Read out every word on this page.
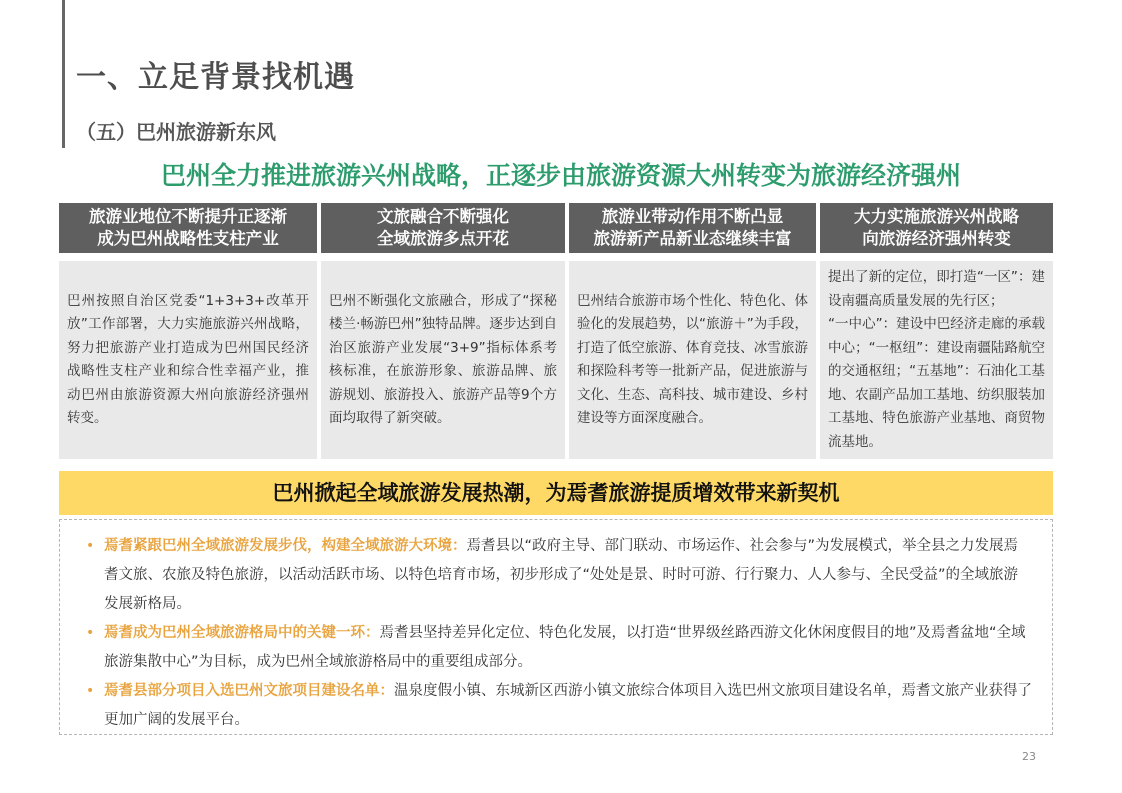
一、立足背景找机遇
（五）巴州旅游新东风
巴州全力推进旅游兴州战略，正逐步由旅游资源大州转变为旅游经济强州
旅游业地位不断提升正逐渐
成为巴州战略性支柱产业
文旅融合不断强化
全域旅游多点开花
旅游业带动作用不断凸显
旅游新产品新业态继续丰富
大力实施旅游兴州战略
向旅游经济强州转变

巴州按照自治区党委“1+3+3+改革开放”工作部署，大力实施旅游兴州战略，努力把旅游产业打造成为巴州国民经济战略性支柱产业和综合性幸福产业，推动巴州由旅游资源大州向旅游经济强州转变。

巴州不断强化文旅融合，形成了“探秘楼兰·畅游巴州”独特品牌。逐步达到自治区旅游产业发展“3+9”指标体系考核标准，在旅游形象、旅游品牌、旅游规划、旅游投入、旅游产品等9个方面均取得了新突破。

巴州结合旅游市场个性化、特色化、体验化的发展趋势，以“旅游＋”为手段，打造了低空旅游、体育竞技、冰雪旅游和探险科考等一批新产品，促进旅游与文化、生态、高科技、城市建设、乡村建设等方面深度融合。

提出了新的定位，即打造“一区”：建设南疆高质量发展的先行区；

“一中心”：建设中巴经济走廊的承载中心；“一枢纽”：建设南疆陆路航空的交通枢纽；“五基地”：石油化工基地、农副产品加工基地、纺织服装加工基地、特色旅游产业基地、商贸物流基地。

巴州掀起全域旅游发展热潮，为焉耆旅游提质增效带来新契机
• 焉耆紧跟巴州全域旅游发展步伐，构建全域旅游大环境：焉耆县以“政府主导、部门联动、市场运作、社会参与”为发展模式，举全县之力发展焉耆文旅、农旅及特色旅游，以活动活跃市场、以特色培育市场，初步形成了“处处是景、时时可游、行行聚力、人人参与、全民受益”的全域旅游发展新格局。
• 焉耆成为巴州全域旅游格局中的关键一环：焉耆县坚持差异化定位、特色化发展，以打造“世界级丝路西游文化休闲度假目的地”及焉耆盆地“全域旅游集散中心”为目标，成为巴州全域旅游格局中的重要组成部分。
• 焉耆县部分项目入选巴州文旅项目建设名单：温泉度假小镇、东城新区西游小镇文旅综合体项目入选巴州文旅项目建设名单，焉耆文旅产业获得了更加广阔的发展平台。
23
